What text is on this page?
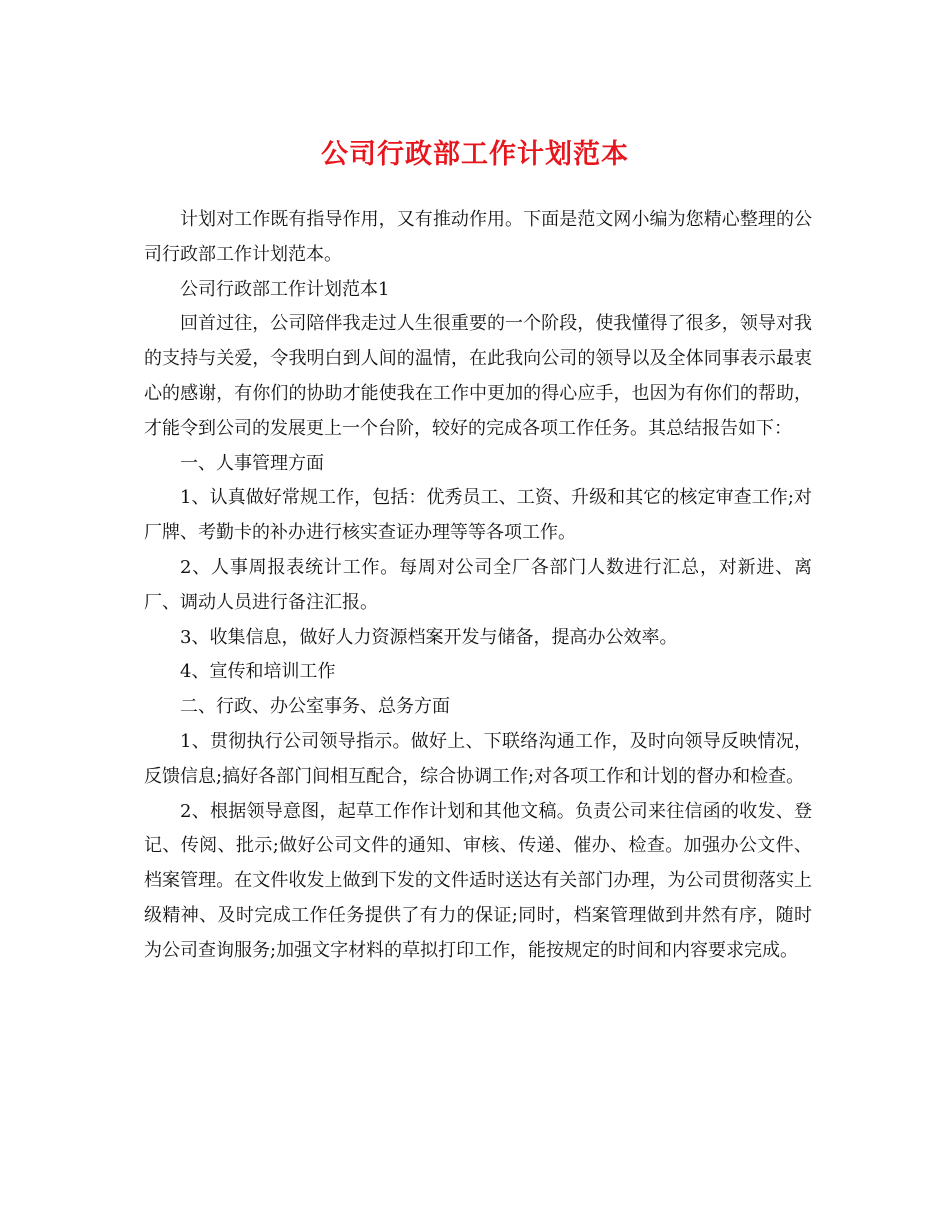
公司行政部工作计划范本

计划对工作既有指导作用，又有推动作用。下面是范文网小编为您精心整理的公司行政部工作计划范本。

公司行政部工作计划范本1

回首过往，公司陪伴我走过人生很重要的一个阶段，使我懂得了很多，领导对我的支持与关爱，令我明白到人间的温情，在此我向公司的领导以及全体同事表示最衷心的感谢，有你们的协助才能使我在工作中更加的得心应手，也因为有你们的帮助，才能令到公司的发展更上一个台阶，较好的完成各项工作任务。其总结报告如下：

一、人事管理方面

1、认真做好常规工作，包括：优秀员工、工资、升级和其它的核定审查工作;对厂牌、考勤卡的补办进行核实查证办理等等各项工作。

2、人事周报表统计工作。每周对公司全厂各部门人数进行汇总，对新进、离厂、调动人员进行备注汇报。

3、收集信息，做好人力资源档案开发与储备，提高办公效率。

4、宣传和培训工作

二、行政、办公室事务、总务方面

1、贯彻执行公司领导指示。做好上、下联络沟通工作，及时向领导反映情况，反馈信息;搞好各部门间相互配合，综合协调工作;对各项工作和计划的督办和检查。

2、根据领导意图，起草工作作计划和其他文稿。负责公司来往信函的收发、登记、传阅、批示;做好公司文件的通知、审核、传递、催办、检查。加强办公文件、档案管理。在文件收发上做到下发的文件适时送达有关部门办理，为公司贯彻落实上级精神、及时完成工作任务提供了有力的保证;同时，档案管理做到井然有序，随时为公司查询服务;加强文字材料的草拟打印工作，能按规定的时间和内容要求完成。
